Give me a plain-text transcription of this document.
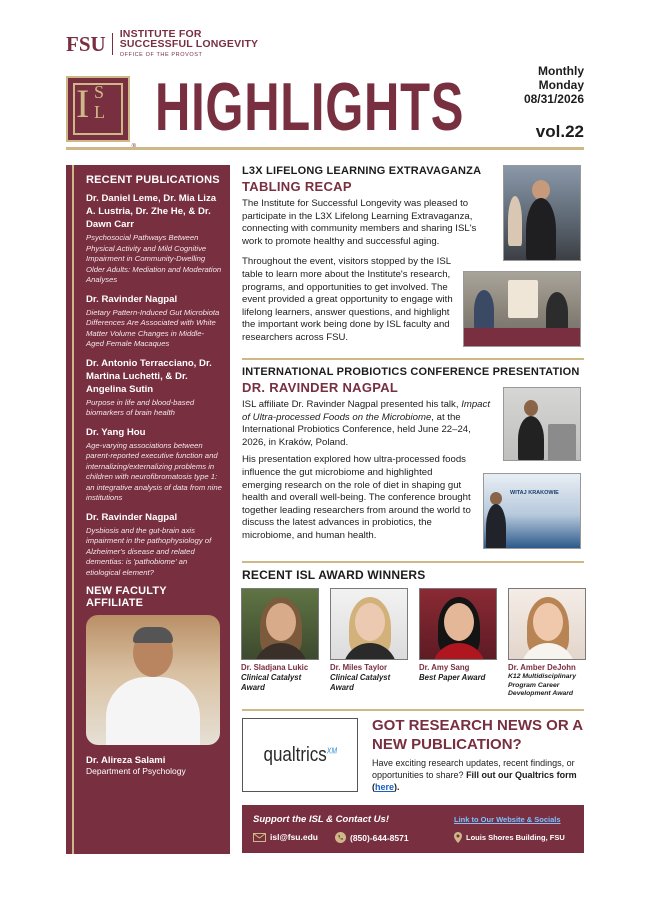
FSU INSTITUTE FOR
SUCCESSFUL LONGEVITY
OFFICE OF THE PROVOST
I S
L HIGHLIGHTS	Monthly
Monday
08/31/2026
vol.22
RECENT PUBLICATIONS
Dr. Daniel Leme, Dr. Mia Liza A. Lustria, Dr. Zhe He, & Dr. Dawn Carr
Psychosocial Pathways Between Physical Activity and Mild Cognitive Impairment in Community-Dwelling Older Adults: Mediation and Moderation Analyses
Dr. Ravinder Nagpal
Dietary Pattern-Induced Gut Microbiota Differences Are Associated with White Matter Volume Changes in Middle-Aged Female Macaques
Dr. Antonio Terracciano, Dr. Martina Luchetti, & Dr. Angelina Sutin
Purpose in life and blood-based biomarkers of brain health
Dr. Yang Hou
Age-varying associations between parent-reported executive function and internalizing/externalizing problems in children with neurofibromatosis type 1: an integrative analysis of data from nine institutions
Dr. Ravinder Nagpal
Dysbiosis and the gut-brain axis impairment in the pathophysiology of Alzheimer's disease and related dementias: is 'pathobiome' an etiological element?
NEW FACULTY AFFILIATE
Dr. Alireza Salami
Department of Psychology
L3X LIFELONG LEARNING EXTRAVAGANZA
TABLING RECAP

The Institute for Successful Longevity was pleased to participate in the L3X Lifelong Learning Extravaganza, connecting with community members and sharing ISL's work to promote healthy and successful aging.

Throughout the event, visitors stopped by the ISL table to learn more about the Institute's research, programs, and opportunities to get involved. The event provided a great opportunity to engage with lifelong learners, answer questions, and highlight the important work being done by ISL faculty and researchers across FSU.

INTERNATIONAL PROBIOTICS CONFERENCE PRESENTATION
DR. RAVINDER NAGPAL

ISL affiliate Dr. Ravinder Nagpal presented his talk, Impact of Ultra-processed Foods on the Microbiome, at the International Probiotics Conference, held June 22–24, 2026, in Kraków, Poland.

His presentation explored how ultra-processed foods influence the gut microbiome and highlighted emerging research on the role of diet in shaping gut health and overall well-being. The conference brought together leading researchers from around the world to discuss the latest advances in probiotics, the microbiome, and human health.

WITAJ KRAKOWIE
RECENT ISL AWARD WINNERS
Dr. Sladjana Lukic
Clinical Catalyst Award
Dr. Miles Taylor
Clinical Catalyst Award
Dr. Amy Sang
Best Paper Award
Dr. Amber DeJohn
K12 Multidisciplinary Program Career Development Award
qualtrics$^{XM}$
GOT RESEARCH NEWS OR A NEW PUBLICATION?
Have exciting research updates, recent findings, or opportunities to share? Fill out our Qualtrics form (here).
Support the ISL & Contact Us!
isl@fsu.edu	(850)-644-8571
Link to Our Website & Socials
Louis Shores Building, FSU
